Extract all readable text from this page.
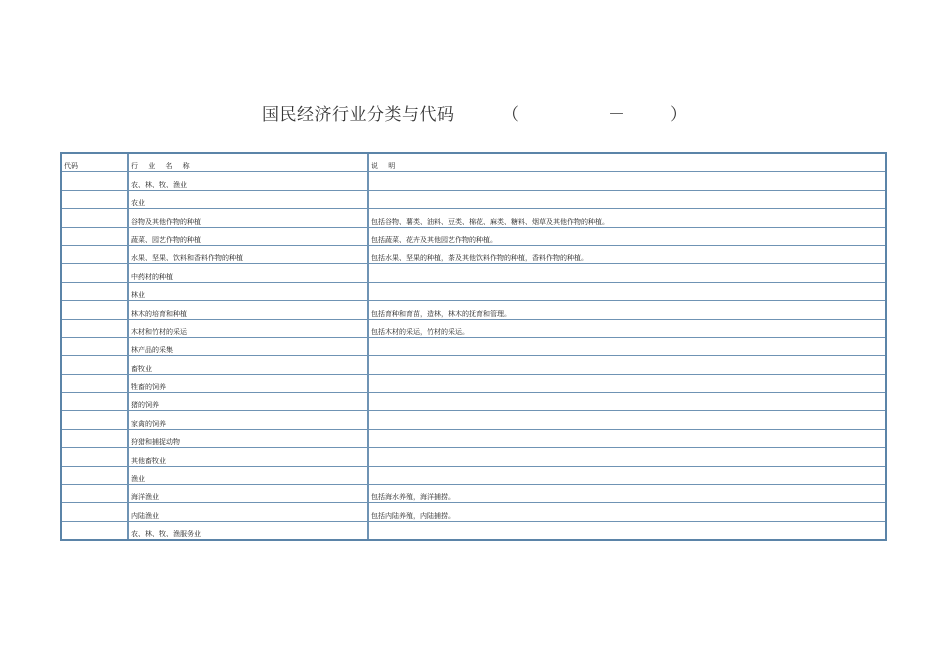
国民经济行业分类与代码	（	－	）
代码	行 业 名 称	说 明
	农、林、牧、渔业	
	农业	
	谷物及其他作物的种植	包括谷物、薯类、油料、豆类、棉花、麻类、糖料、烟草及其他作物的种植。
	蔬菜、园艺作物的种植	包括蔬菜、花卉及其他园艺作物的种植。
	水果、坚果、饮料和香料作物的种植	包括水果、坚果的种植，茶及其他饮料作物的种植，香料作物的种植。
	中药材的种植	
	林业	
	林木的培育和种植	包括育种和育苗，造林，林木的抚育和管理。
	木材和竹材的采运	包括木材的采运，竹材的采运。
	林产品的采集	
	畜牧业	
	牲畜的饲养	
	猪的饲养	
	家禽的饲养	
	狩猎和捕捉动物	
	其他畜牧业	
	渔业	
	海洋渔业	包括海水养殖，海洋捕捞。
	内陆渔业	包括内陆养殖，内陆捕捞。
	农、林、牧、渔服务业	
